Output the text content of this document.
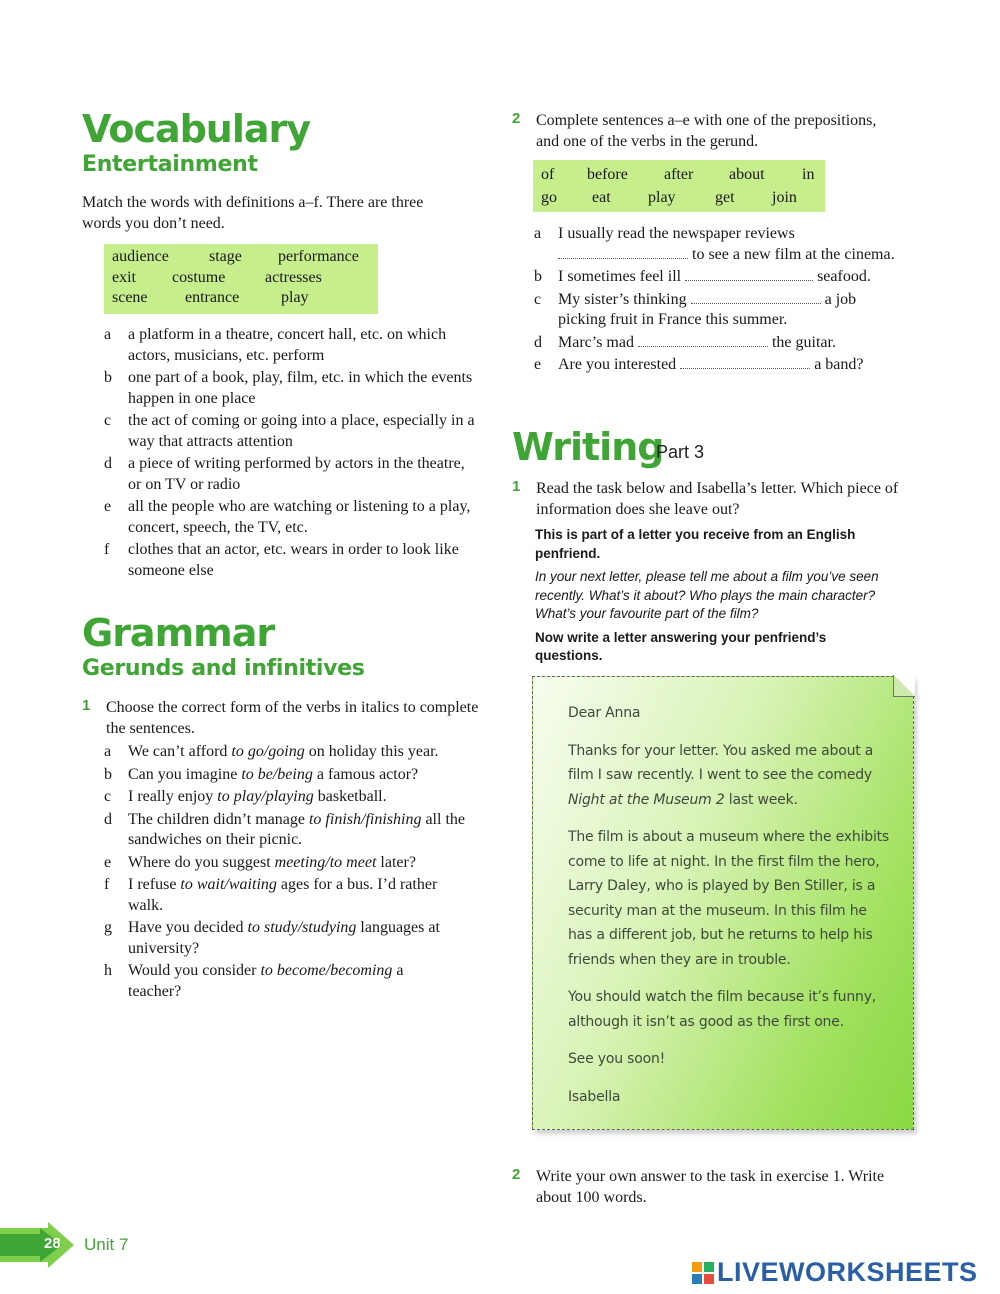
Vocabulary
Entertainment
Match the words with definitions a–f. There are three words you don’t need.
audience	stage	performance
exit	costume	actresses
scene	entrance	play
a	a platform in a theatre, concert hall, etc. on which actors, musicians, etc. perform
b	one part of a book, play, film, etc. in which the events happen in one place
c	the act of coming or going into a place, especially in a way that attracts attention
d	a piece of writing performed by actors in the theatre, or on TV or radio
e	all the people who are watching or listening to a play, concert, speech, the TV, etc.
f	clothes that an actor, etc. wears in order to look like someone else
Grammar
Gerunds and infinitives
1 Choose the correct form of the verbs in italics to complete the sentences.
a	We can’t afford to go/going on holiday this year.
b	Can you imagine to be/being a famous actor?
c	I really enjoy to play/playing basketball.
d	The children didn’t manage to finish/finishing all the sandwiches on their picnic.
e	Where do you suggest meeting/to meet later?
f	I refuse to wait/waiting ages for a bus. I’d rather walk.
g	Have you decided to study/studying languages at university?
h	Would you consider to become/becoming a teacher?
2 Complete sentences a–e with one of the prepositions, and one of the verbs in the gerund.
of	before	after	about	in
go	eat	play	get	join
a	I usually read the newspaper reviews
to see a new film at the cinema.
b	I sometimes feel ill	seafood.
c	My sister’s thinking	a job picking fruit in France this summer.
d	Marc’s mad	the guitar.
e	Are you interested	a band?
Writing
Part 3
1 Read the task below and Isabella’s letter. Which piece of information does she leave out?
This is part of a letter you receive from an English penfriend.
In your next letter, please tell me about a film you’ve seen recently. What’s it about? Who plays the main character? What’s your favourite part of the film?
Now write a letter answering your penfriend’s questions.

Dear Anna

Thanks for your letter. You asked me about a film I saw recently. I went to see the comedy Night at the Museum 2 last week.

The film is about a museum where the exhibits come to life at night. In the first film the hero, Larry Daley, who is played by Ben Stiller, is a security man at the museum. In this film he has a different job, but he returns to help his friends when they are in trouble.

You should watch the film because it’s funny, although it isn’t as good as the first one.

See you soon!

Isabella

2 Write your own answer to the task in exercise 1. Write about 100 words.
28 Unit 7
LIVEWORKSHEETS
